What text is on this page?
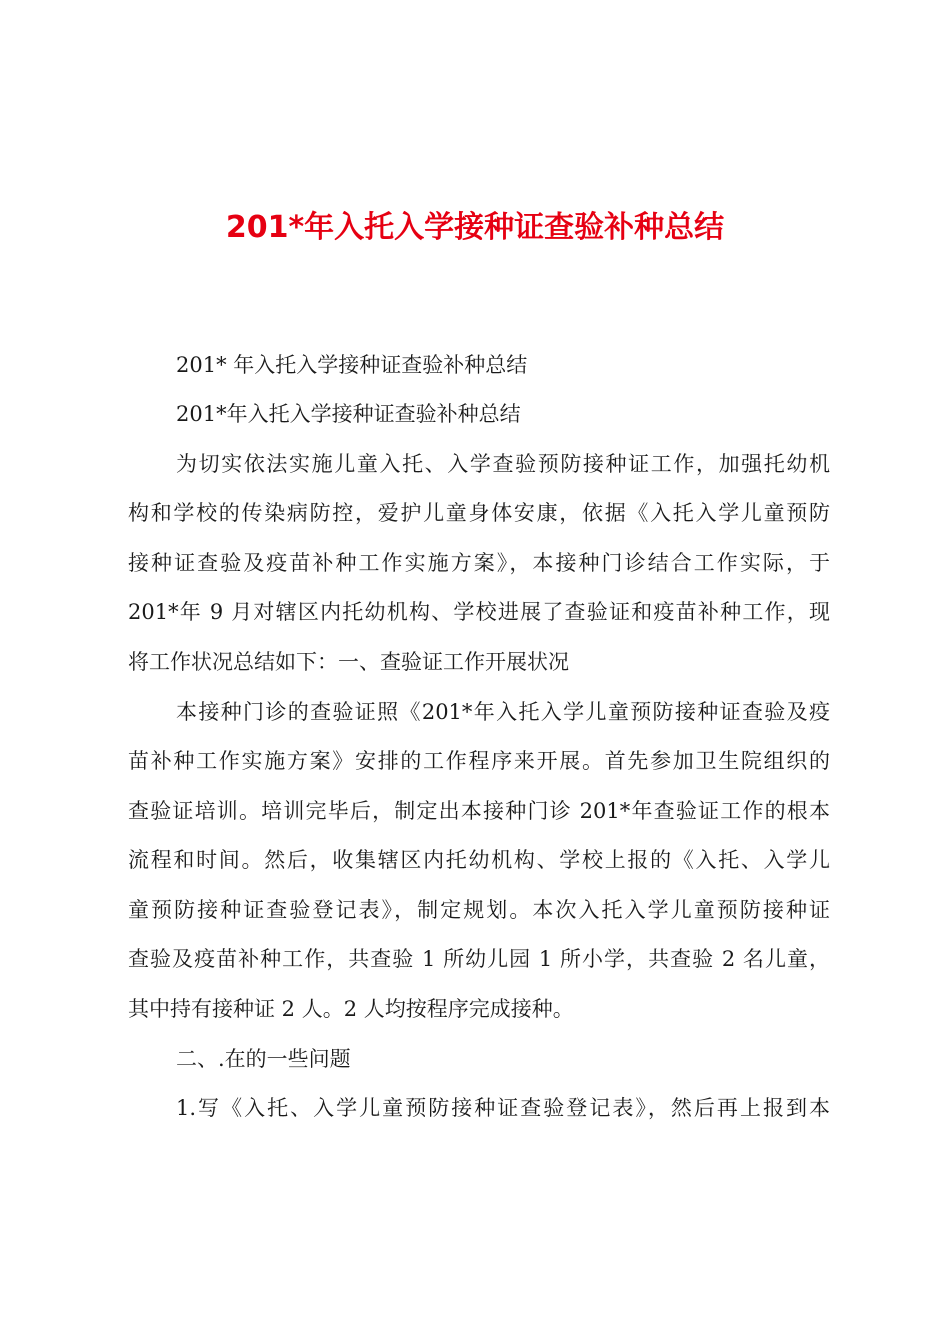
201*年入托入学接种证查验补种总结

201* 年入托入学接种证查验补种总结

201*年入托入学接种证查验补种总结

为切实依法实施儿童入托、入学查验预防接种证工作，加强托幼机

构和学校的传染病防控，爱护儿童身体安康，依据《入托入学儿童预防

接种证查验及疫苗补种工作实施方案》，本接种门诊结合工作实际，于

201*年 9 月对辖区内托幼机构、学校进展了查验证和疫苗补种工作，现

将工作状况总结如下：一、查验证工作开展状况

本接种门诊的查验证照《201*年入托入学儿童预防接种证查验及疫

苗补种工作实施方案》安排的工作程序来开展。首先参加卫生院组织的

查验证培训。培训完毕后，制定出本接种门诊 201*年查验证工作的根本

流程和时间。然后，收集辖区内托幼机构、学校上报的《入托、入学儿

童预防接种证查验登记表》，制定规划。本次入托入学儿童预防接种证

查验及疫苗补种工作，共查验 1 所幼儿园 1 所小学，共查验 2 名儿童，

其中持有接种证 2 人。2 人均按程序完成接种。

二、.在的一些问题

1.写《入托、入学儿童预防接种证查验登记表》，然后再上报到本
